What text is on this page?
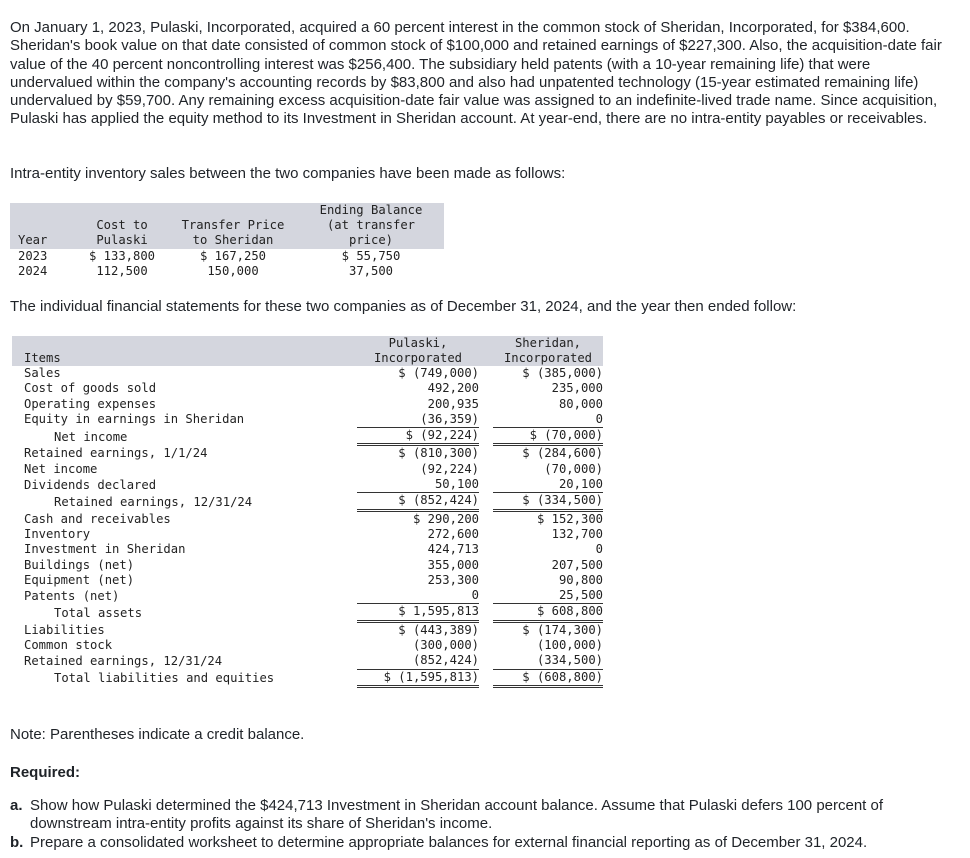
On January 1, 2023, Pulaski, Incorporated, acquired a 60 percent interest in the common stock of Sheridan, Incorporated, for $384,600. Sheridan's book value on that date consisted of common stock of $100,000 and retained earnings of $227,300. Also, the acquisition-date fair value of the 40 percent noncontrolling interest was $256,400. The subsidiary held patents (with a 10-year remaining life) that were undervalued within the company's accounting records by $83,800 and also had unpatented technology (15-year estimated remaining life) undervalued by $59,700. Any remaining excess acquisition-date fair value was assigned to an indefinite-lived trade name. Since acquisition, Pulaski has applied the equity method to its Investment in Sheridan account. At year-end, there are no intra-entity payables or receivables.

Intra-entity inventory sales between the two companies have been made as follows:

			Ending Balance
	Cost to	Transfer Price	(at transfer
Year	Pulaski	to Sheridan	price)
2023	$ 133,800	$ 167,250	$ 55,750
2024	112,500	150,000	37,500

The individual financial statements for these two companies as of December 31, 2024, and the year then ended follow:

	Pulaski,		Sheridan,
Items	Incorporated		Incorporated
Sales	$ (749,000)		$ (385,000)
Cost of goods sold	492,200		235,000
Operating expenses	200,935		80,000
Equity in earnings in Sheridan	(36,359)		0
Net income	$ (92,224)		$ (70,000)
Retained earnings, 1/1/24	$ (810,300)		$ (284,600)
Net income	(92,224)		(70,000)
Dividends declared	50,100		20,100
Retained earnings, 12/31/24	$ (852,424)		$ (334,500)
Cash and receivables	$ 290,200		$ 152,300
Inventory	272,600		132,700
Investment in Sheridan	424,713		0
Buildings (net)	355,000		207,500
Equipment (net)	253,300		90,800
Patents (net)	0		25,500
Total assets	$ 1,595,813		$ 608,800
Liabilities	$ (443,389)		$ (174,300)
Common stock	(300,000)		(100,000)
Retained earnings, 12/31/24	(852,424)		(334,500)
Total liabilities and equities	$ (1,595,813)		$ (608,800)

Note: Parentheses indicate a credit balance.

Required:

a. Show how Pulaski determined the $424,713 Investment in Sheridan account balance. Assume that Pulaski defers 100 percent of downstream intra-entity profits against its share of Sheridan's income.
b. Prepare a consolidated worksheet to determine appropriate balances for external financial reporting as of December 31, 2024.
